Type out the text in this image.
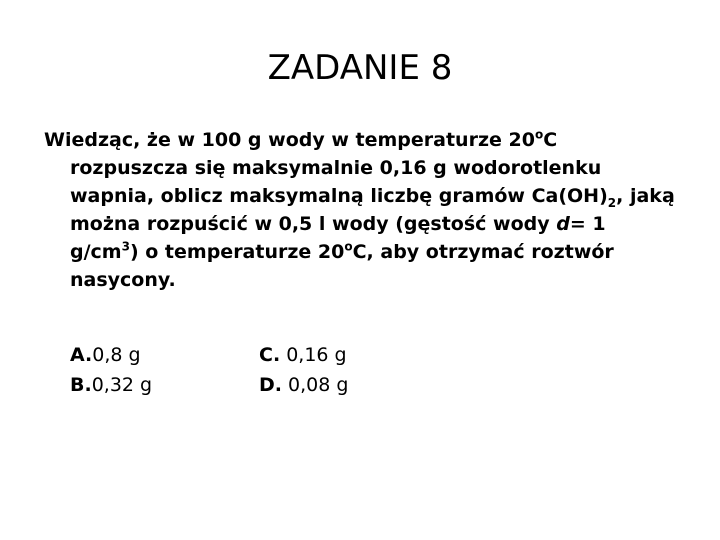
ZADANIE 8
Wiedząc, że w 100 g wody w temperaturze 20$^o$C
rozpuszcza się maksymalnie 0,16 g wodorotlenku
wapnia, oblicz maksymalną liczbę gramów $Ca(OH)_2$, jaką
można rozpuścić w 0,5 l wody (gęstość wody d= 1
$g/cm^3$) o temperaturze 20$^o$C, aby otrzymać roztwór
nasycony.
A.0,8 g
B.0,32 g
C. 0,16 g
D. 0,08 g
